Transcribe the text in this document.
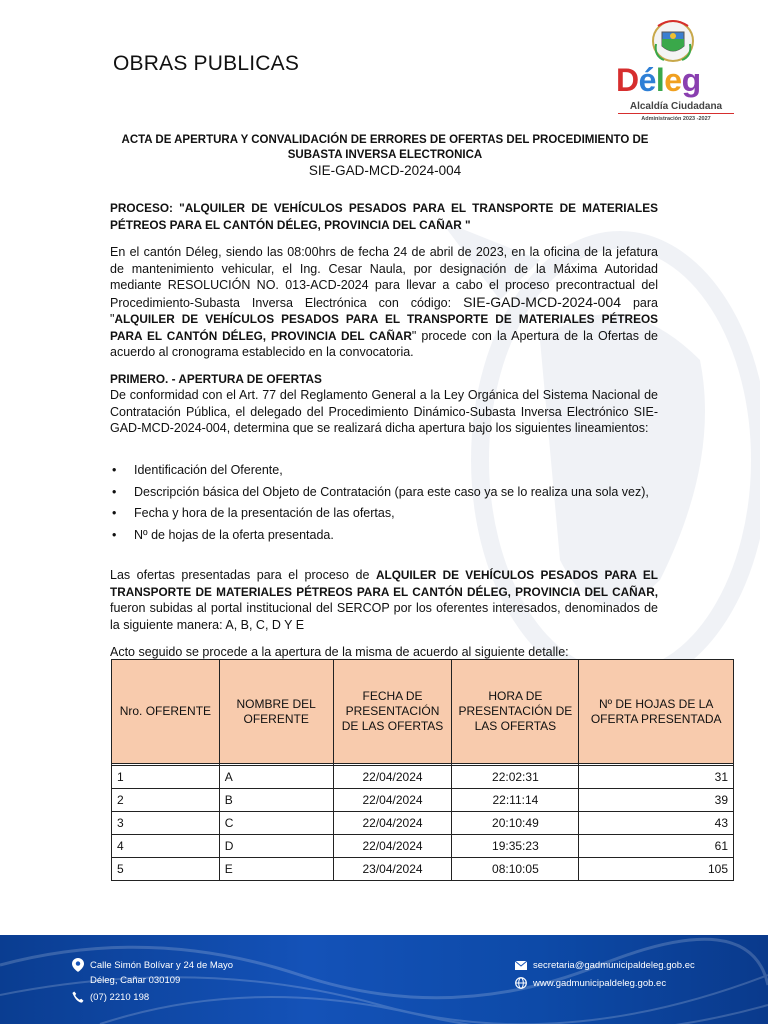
OBRAS PUBLICAS	Déleg
Alcaldía Ciudadana
Administración 2023 -2027
ACTA DE APERTURA Y CONVALIDACIÓN DE ERRORES DE OFERTAS DEL PROCEDIMIENTO DE SUBASTA INVERSA ELECTRONICA
SIE-GAD-MCD-2024-004
PROCESO: "ALQUILER DE VEHÍCULOS PESADOS PARA EL TRANSPORTE DE MATERIALES PÉTREOS PARA EL CANTÓN DÉLEG, PROVINCIA DEL CAÑAR "
En el cantón Déleg, siendo las 08:00hrs de fecha 24 de abril de 2023, en la oficina de la jefatura de mantenimiento vehicular, el Ing. Cesar Naula, por designación de la Máxima Autoridad mediante RESOLUCIÓN NO. 013-ACD-2024 para llevar a cabo el proceso precontractual del Procedimiento-Subasta Inversa Electrónica con código: SIE-GAD-MCD-2024-004 para "ALQUILER DE VEHÍCULOS PESADOS PARA EL TRANSPORTE DE MATERIALES PÉTREOS PARA EL CANTÓN DÉLEG, PROVINCIA DEL CAÑAR" procede con la Apertura de la Ofertas de acuerdo al cronograma establecido en la convocatoria.
PRIMERO. - APERTURA DE OFERTAS
De conformidad con el Art. 77 del Reglamento General a la Ley Orgánica del Sistema Nacional de Contratación Pública, el delegado del Procedimiento Dinámico-Subasta Inversa Electrónico SIE-GAD-MCD-2024-004, determina que se realizará dicha apertura bajo los siguientes lineamientos:
• Identificación del Oferente,
• Descripción básica del Objeto de Contratación (para este caso ya se lo realiza una sola vez),
• Fecha y hora de la presentación de las ofertas,
• Nº de hojas de la oferta presentada.
Las ofertas presentadas para el proceso de ALQUILER DE VEHÍCULOS PESADOS PARA EL TRANSPORTE DE MATERIALES PÉTREOS PARA EL CANTÓN DÉLEG, PROVINCIA DEL CAÑAR, fueron subidas al portal institucional del SERCOP por los oferentes interesados, denominados de la siguiente manera: A, B, C, D Y E
Acto seguido se procede a la apertura de la misma de acuerdo al siguiente detalle:
Nro. OFERENTE	NOMBRE DEL OFERENTE	FECHA DE PRESENTACIÓN DE LAS OFERTAS	HORA DE PRESENTACIÓN DE LAS OFERTAS	Nº DE HOJAS DE LA OFERTA PRESENTADA

1	A	22/04/2024	22:02:31	31
2	B	22/04/2024	22:11:14	39
3	C	22/04/2024	20:10:49	43
4	D	22/04/2024	19:35:23	61
5	E	23/04/2024	08:10:05	105
Calle Simón Bolívar y 24 de Mayo
Déleg, Cañar 030109
(07) 2210 198
secretaria@gadmunicipaldeleg.gob.ec
www.gadmunicipaldeleg.gob.ec
